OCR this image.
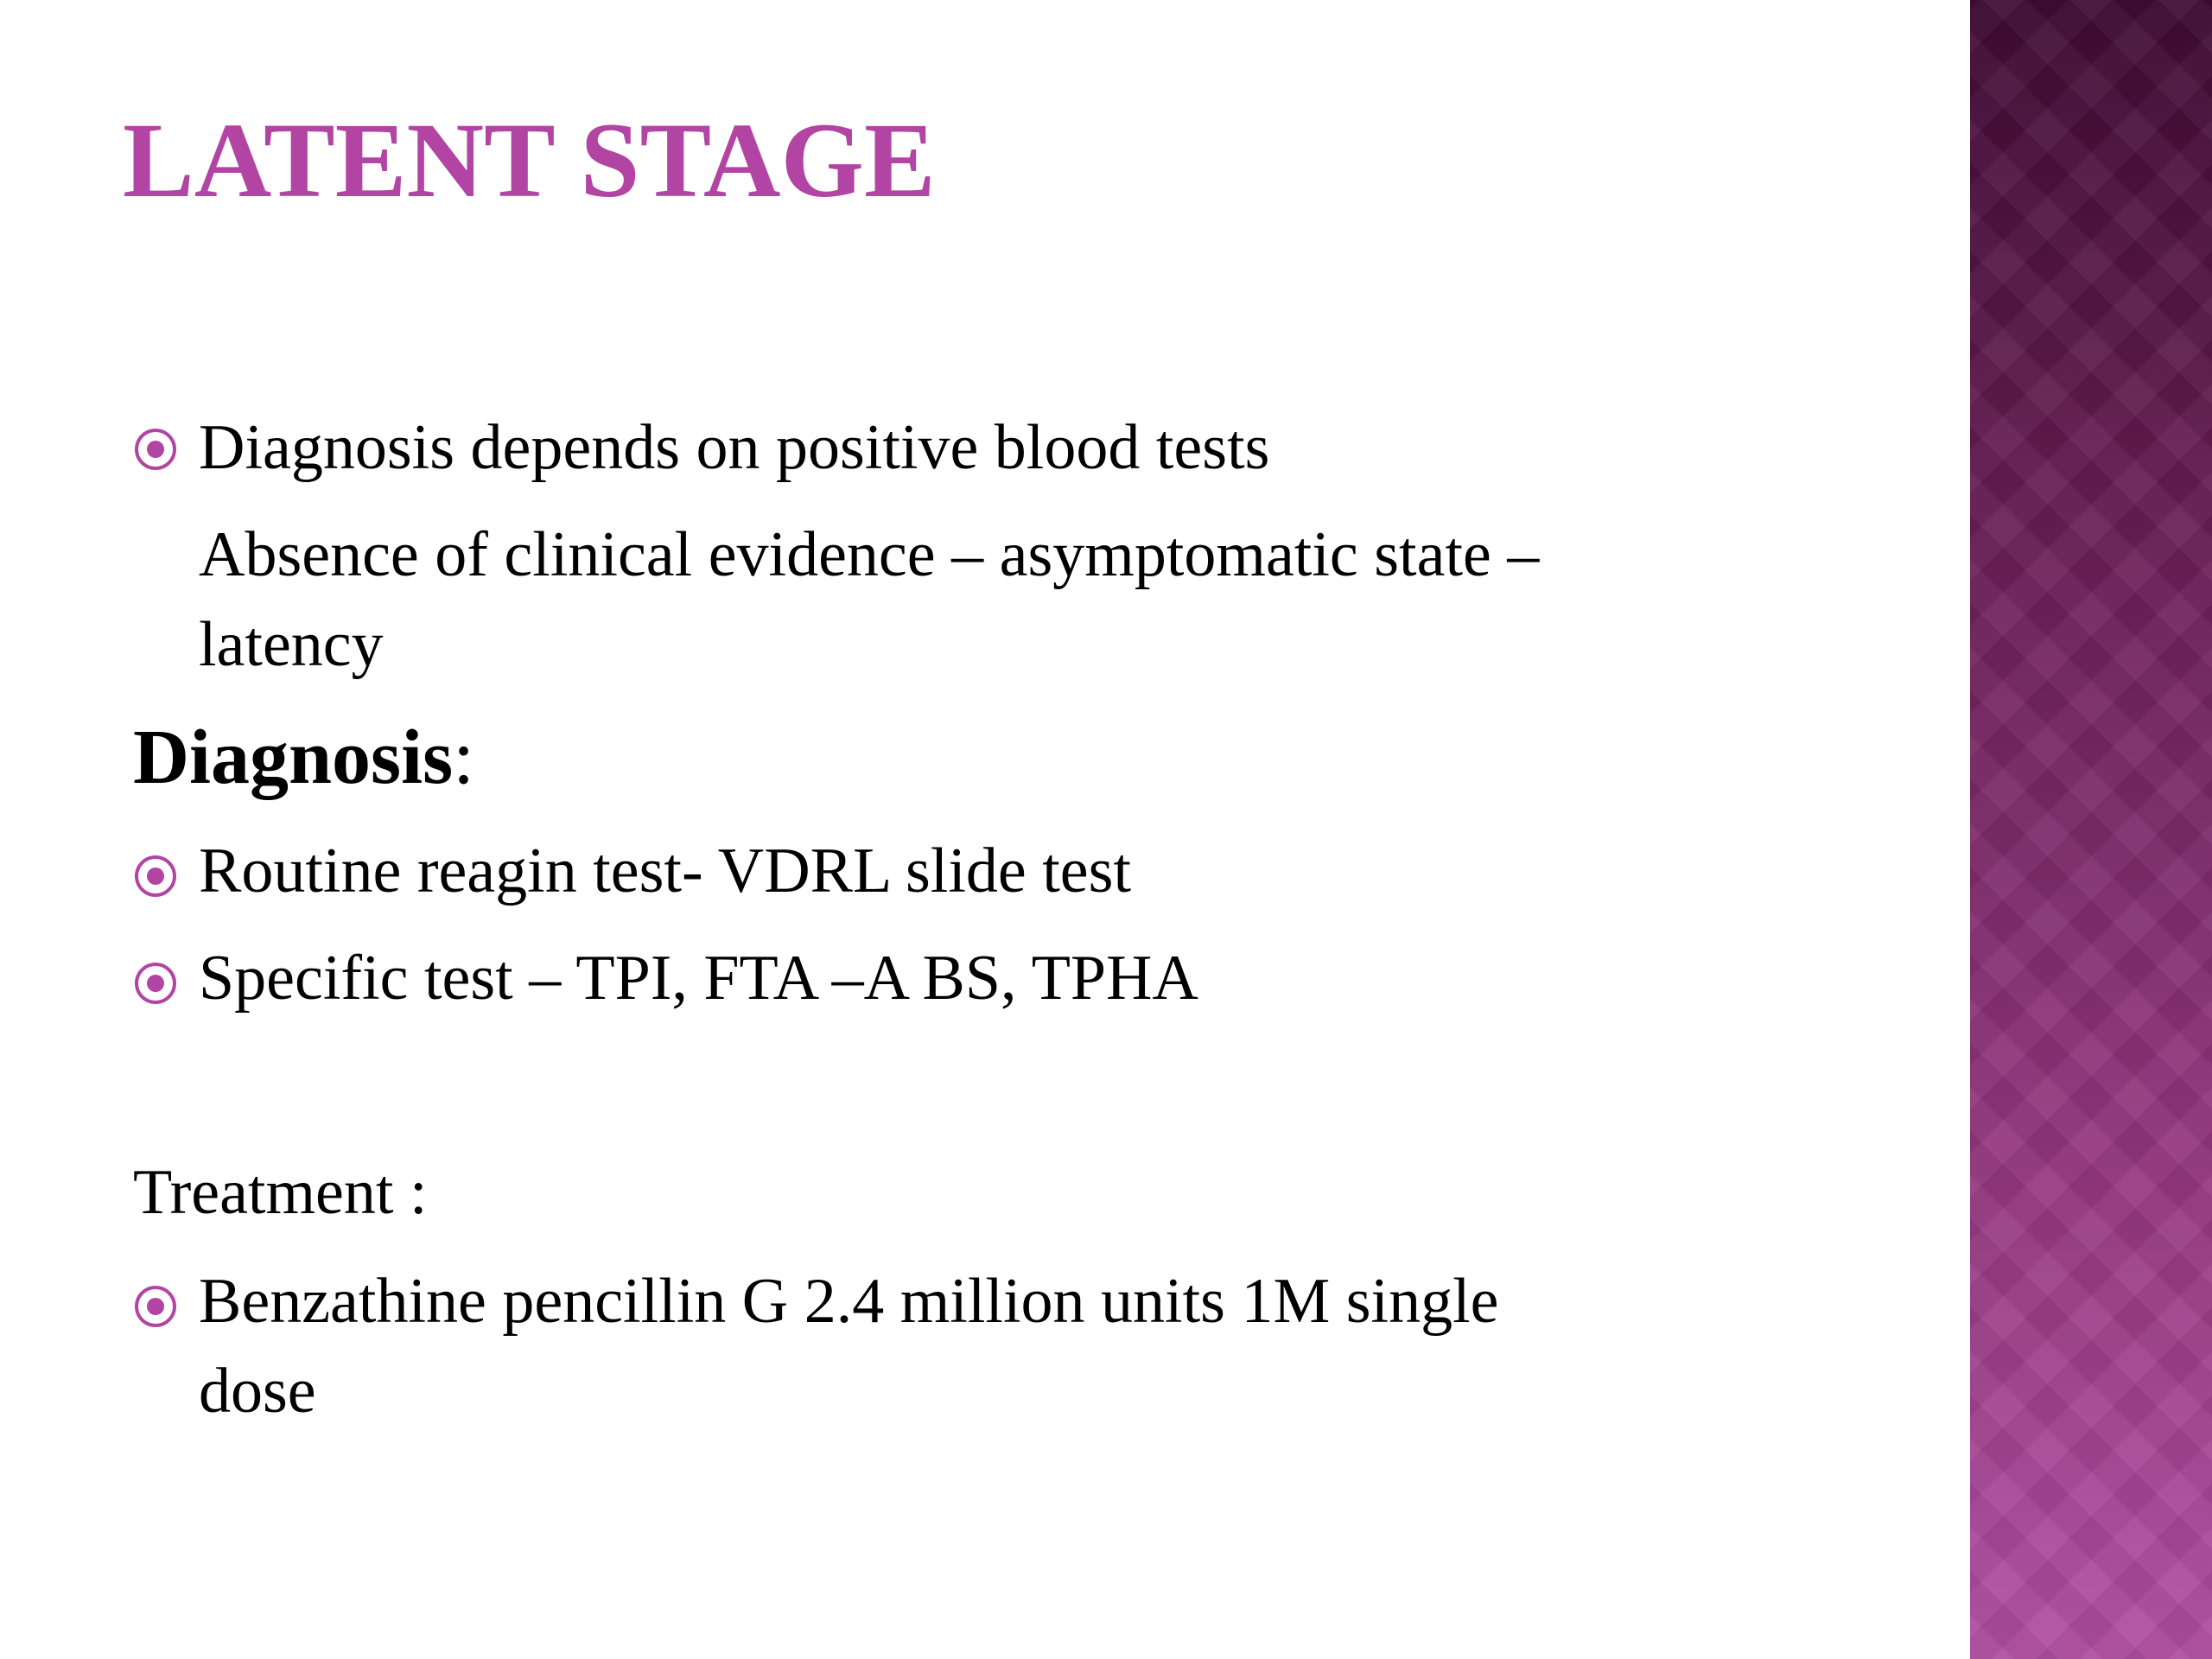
LATENT STAGE

Diagnosis depends on positive blood tests

Absence of clinical evidence – asymptomatic state –

latency

Diagnosis:

Routine reagin test- VDRL slide test

Specific test – TPI, FTA –A BS, TPHA

Treatment :

Benzathine pencillin G 2.4 million units 1M single

dose
